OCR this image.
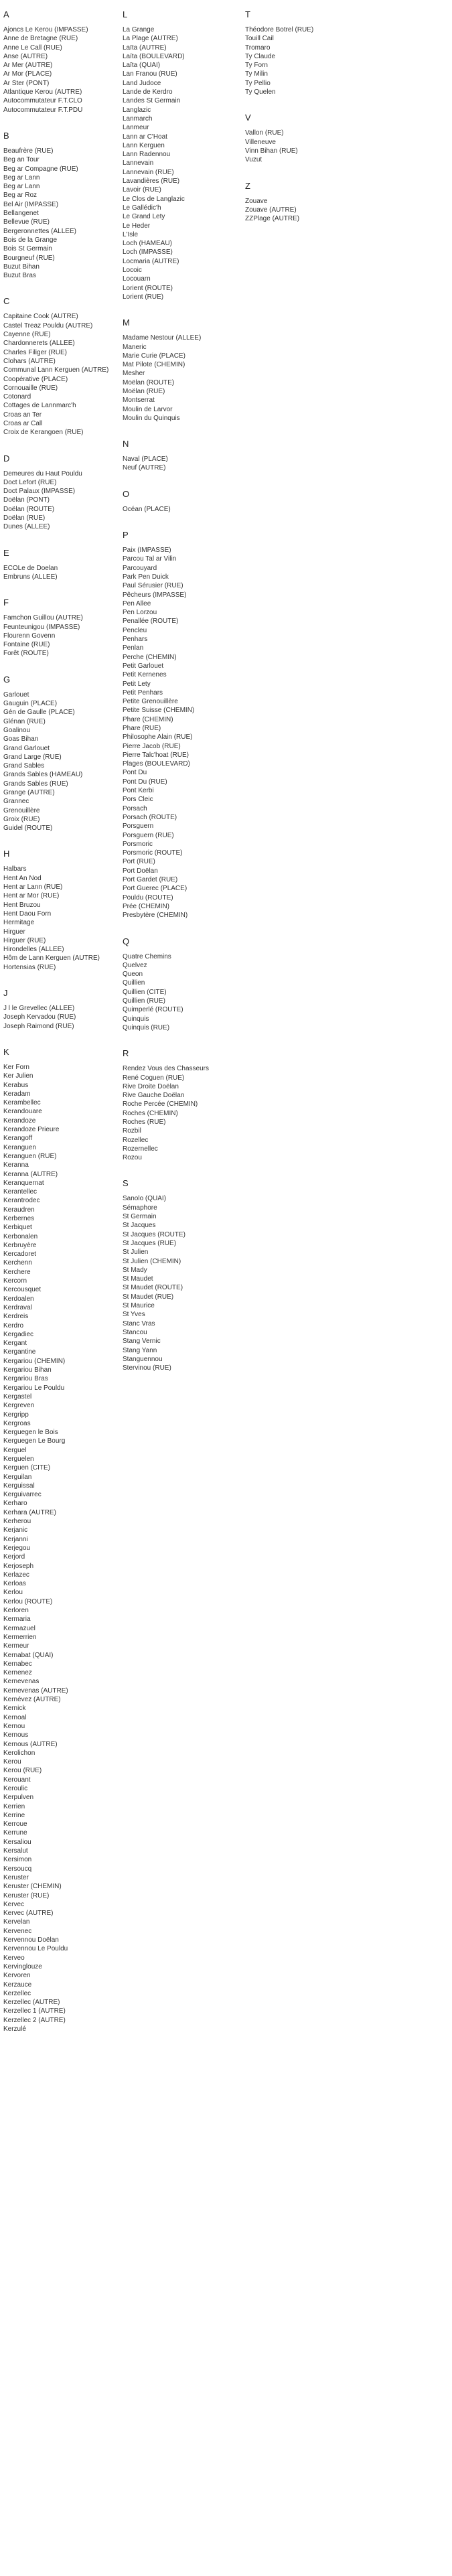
A
Ajoncs Le Kerou (IMPASSE)
Anne de Bretagne (RUE)
Anne Le Call (RUE)
Anse (AUTRE)
Ar Mer (AUTRE)
Ar Mor (PLACE)
Ar Ster (PONT)
Atlantique Kerou (AUTRE)
Autocommutateur F.T.CLO
Autocommutateur F.T.PDU
B
Beaufrère (RUE)
Beg an Tour
Beg ar Compagne (RUE)
Beg ar Lann
Beg ar Lann
Beg ar Roz
Bel Air (IMPASSE)
Bellangenet
Bellevue (RUE)
Bergeronnettes (ALLEE)
Bois de la Grange
Bois St Germain
Bourgneuf (RUE)
Buzut Bihan
Buzut Bras
C
Capitaine Cook (AUTRE)
Castel Treaz Pouldu (AUTRE)
Cayenne (RUE)
Chardonnerets (ALLEE)
Charles Filiger (RUE)
Clohars (AUTRE)
Communal Lann Kerguen (AUTRE)
Coopérative (PLACE)
Cornouaille (RUE)
Cotonard
Cottages de Lannmarc'h
Croas an Ter
Croas ar Call
Croix de Kerangoen (RUE)
D
Demeures du Haut Pouldu
Doct Lefort (RUE)
Doct Palaux (IMPASSE)
Doëlan (PONT)
Doëlan (ROUTE)
Doëlan (RUE)
Dunes (ALLEE)
E
ECOLe de Doelan
Embruns (ALLEE)
F
Famchon Guillou (AUTRE)
Feunteunigou (IMPASSE)
Flourenn Govenn
Fontaine (RUE)
Forêt (ROUTE)
G
Garlouet
Gauguin (PLACE)
Gén de Gaulle (PLACE)
Glénan (RUE)
Goalinou
Goas Bihan
Grand Garlouet
Grand Large (RUE)
Grand Sables
Grands Sables (HAMEAU)
Grands Sables (RUE)
Grange (AUTRE)
Grannec
Grenouillère
Groix (RUE)
Guidel (ROUTE)
H
Halbars
Hent An Nod
Hent ar Lann (RUE)
Hent ar Mor (RUE)
Hent Bruzou
Hent Daou Forn
Hermitage
Hirguer
Hirguer (RUE)
Hirondelles (ALLEE)
Hôm de Lann Kerguen (AUTRE)
Hortensias (RUE)
J
J l le Grevellec (ALLEE)
Joseph Kervadou (RUE)
Joseph Raimond (RUE)
K
Ker Forn
Ker Julien
Kerabus
Keradam
Kerambellec
Kerandouare
Kerandoze
Kerandoze Prieure
Kerangoff
Keranguen
Keranguen (RUE)
Keranna
Keranna (AUTRE)
Keranquernat
Kerantellec
Kerantrodec
Keraudren
Kerbernes
Kerbiquet
Kerbonalen
Kerbruyère
Kercadoret
Kerchenn
Kerchere
Kercorn
Kercousquet
Kerdoalen
Kerdraval
Kerdreis
Kerdro
Kergadiec
Kergant
Kergantine
Kergariou (CHEMIN)
Kergariou Bihan
Kergariou Bras
Kergariou Le Pouldu
Kergastel
Kergreven
Kergripp
Kergroas
Kerguegen le Bois
Kerguegen Le Bourg
Kerguel
Kerguelen
Kerguen (CITE)
Kerguilan
Kerguissal
Kerguivarrec
Kerharo
Kerhara (AUTRE)
Kerherou
Kerjanic
Kerjanni
Kerjegou
Kerjord
Kerjoseph
Kerlazec
Kerloas
Kerlou
Kerlou (ROUTE)
Kerloren
Kermaria
Kermazuel
Kermerrien
Kermeur
Kernabat (QUAI)
Kernabec
Kernenez
Kernevenas
Kernevenas (AUTRE)
Kernévez (AUTRE)
Kernick
Kernoal
Kernou
Kernous
Kernous (AUTRE)
Kerolichon
Kerou
Kerou (RUE)
Kerouant
Keroulic
Kerpulven
Kerrien
Kerrine
Kerroue
Kerrune
Kersaliou
Kersalut
Kersimon
Kersoucq
Keruster
Keruster (CHEMIN)
Keruster (RUE)
Kervec
Kervec (AUTRE)
Kervelan
Kervenec
Kervennou Doëlan
Kervennou Le Pouldu
Kerveo
Kervinglouze
Kervoren
Kerzauce
Kerzellec
Kerzellec (AUTRE)
Kerzellec 1 (AUTRE)
Kerzellec 2 (AUTRE)
Kerzulé
L
La Grange
La Plage (AUTRE)
Laïta (AUTRE)
Laïta (BOULEVARD)
Laïta (QUAI)
Lan Franou (RUE)
Land Judoce
Lande de Kerdro
Landes St Germain
Langlazic
Lanmarch
Lanmeur
Lann ar C'Hoat
Lann Kerguen
Lann Radennou
Lannevain
Lannevain (RUE)
Lavandières (RUE)
Lavoir (RUE)
Le Clos de Langlazic
Le Gallédic'h
Le Grand Lety
Le Heder
L'Isle
Loch (HAMEAU)
Loch (IMPASSE)
Locmaria (AUTRE)
Locoic
Locouarn
Lorient (ROUTE)
Lorient (RUE)
M
Madame Nestour (ALLEE)
Maneric
Marie Curie (PLACE)
Mat Pilote (CHEMIN)
Mesher
Moëlan (ROUTE)
Moëlan (RUE)
Montserrat
Moulin de Larvor
Moulin du Quinquis
N
Naval (PLACE)
Neuf (AUTRE)
O
Océan (PLACE)
P
Paix (IMPASSE)
Parcou Tal ar Vilin
Parcouyard
Park Pen Duick
Paul Sérusier (RUE)
Pêcheurs (IMPASSE)
Pen Allee
Pen Lorzou
Penallée (ROUTE)
Pencleu
Penhars
Penlan
Perche (CHEMIN)
Petit Garlouet
Petit Kernenes
Petit Lety
Petit Penhars
Petite Grenouillère
Petite Suisse (CHEMIN)
Phare (CHEMIN)
Phare (RUE)
Philosophe Alain (RUE)
Pierre Jacob (RUE)
Pierre Talc'hoat (RUE)
Plages (BOULEVARD)
Pont Du
Pont Du (RUE)
Pont Kerbi
Pors Cleic
Porsach
Porsach (ROUTE)
Porsguern
Porsguern (RUE)
Porsmoric
Porsmoric (ROUTE)
Port (RUE)
Port Doëlan
Port Gardet (RUE)
Port Guerec (PLACE)
Pouldu (ROUTE)
Prée (CHEMIN)
Presbytère (CHEMIN)
Q
Quatre Chemins
Quelvez
Queon
Quillien
Quillien (CITE)
Quillien (RUE)
Quimperlé (ROUTE)
Quinquis
Quinquis (RUE)
R
Rendez Vous des Chasseurs
René Coguen (RUE)
Rive Droite Doëlan
Rive Gauche Doëlan
Roche Percée (CHEMIN)
Roches (CHEMIN)
Roches (RUE)
Rozbil
Rozellec
Rozernellec
Rozou
S
Sanolo (QUAI)
Sémaphore
St Germain
St Jacques
St Jacques (ROUTE)
St Jacques (RUE)
St Julien
St Julien (CHEMIN)
St Mady
St Maudet
St Maudet (ROUTE)
St Maudet (RUE)
St Maurice
St Yves
Stanc Vras
Stancou
Stang Vernic
Stang Yann
Stanguennou
Stervinou (RUE)
T
Théodore Botrel (RUE)
Touill Cail
Tromaro
Ty Claude
Ty Forn
Ty Milin
Ty Pellio
Ty Quelen
V
Vallon (RUE)
Villeneuve
Vinn Bihan (RUE)
Vuzut
Z
Zouave
Zouave (AUTRE)
ZZPlage (AUTRE)
